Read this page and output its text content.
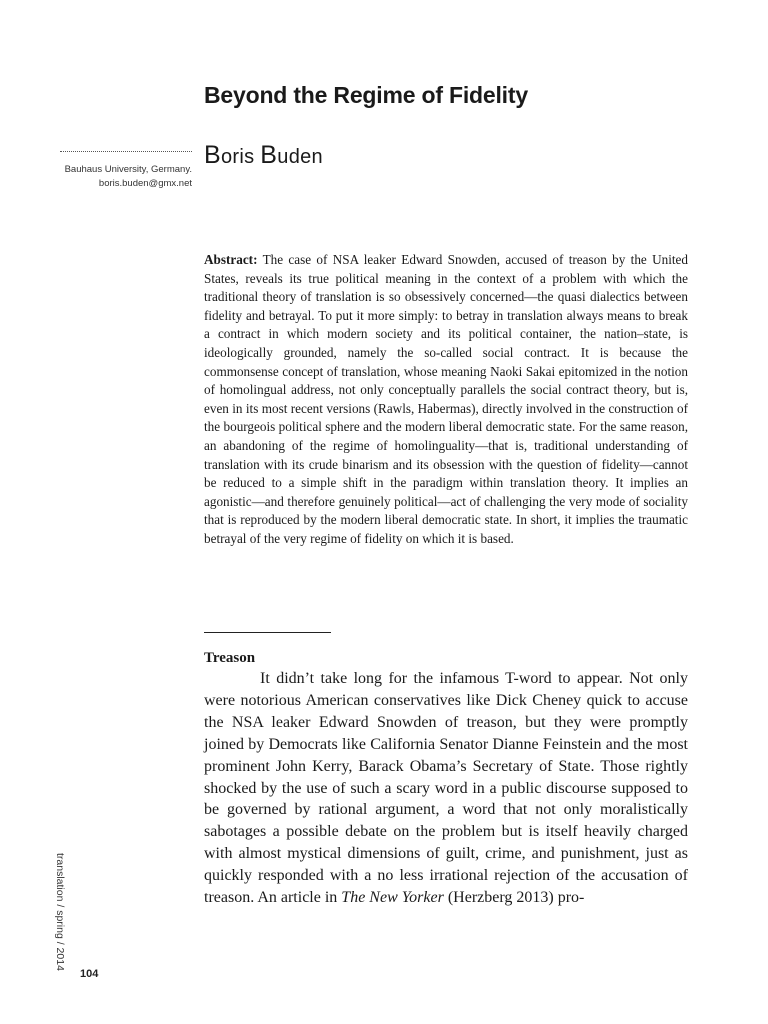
Beyond the Regime of Fidelity
Boris Buden
Bauhaus University, Germany.
boris.buden@gmx.net
Abstract: The case of NSA leaker Edward Snowden, accused of treason by the United States, reveals its true political meaning in the context of a problem with which the traditional theory of translation is so obsessively concerned—the quasi dialectics between fidelity and betrayal. To put it more simply: to betray in translation always means to break a contract in which modern society and its political container, the nation–state, is ideologically grounded, namely the so-called social contract. It is because the commonsense concept of translation, whose meaning Naoki Sakai epitomized in the notion of homolingual address, not only conceptually parallels the social contract theory, but is, even in its most recent versions (Rawls, Habermas), directly involved in the construction of the bourgeois political sphere and the modern liberal democratic state. For the same reason, an abandoning of the regime of homolinguality—that is, traditional understanding of translation with its crude binarism and its obsession with the question of fidelity—cannot be reduced to a simple shift in the paradigm within translation theory. It implies an agonistic—and therefore genuinely political—act of challenging the very mode of sociality that is reproduced by the modern liberal democratic state. In short, it implies the traumatic betrayal of the very regime of fidelity on which it is based.
Treason
It didn’t take long for the infamous T-word to appear. Not only were notorious American conservatives like Dick Cheney quick to accuse the NSA leaker Edward Snowden of treason, but they were promptly joined by Democrats like California Senator Dianne Feinstein and the most prominent John Kerry, Barack Obama’s Secretary of State. Those rightly shocked by the use of such a scary word in a public discourse supposed to be governed by rational argument, a word that not only moralistically sabotages a possible debate on the problem but is itself heavily charged with almost mystical dimensions of guilt, crime, and punishment, just as quickly responded with a no less irrational rejection of the accusation of treason. An article in The New Yorker (Herzberg 2013) pro-
translation / spring / 2014
104
